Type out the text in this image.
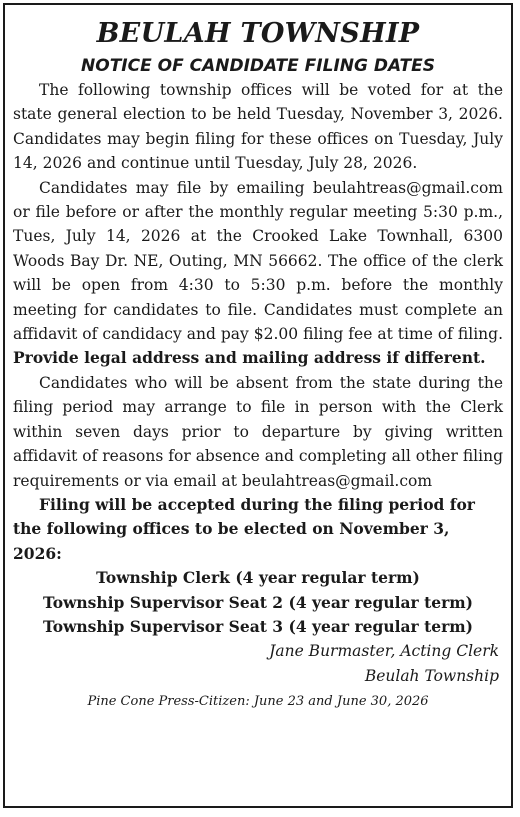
BEULAH TOWNSHIP
NOTICE OF CANDIDATE FILING DATES

The following township offices will be voted for at the state general election to be held Tuesday, November 3, 2026. Candidates may begin filing for these offices on Tuesday, July 14, 2026 and continue until Tuesday, July 28, 2026.

Candidates may file by emailing beulahtreas@gmail.com or file before or after the monthly regular meeting 5:30 p.m., Tues, July 14, 2026 at the Crooked Lake Townhall, 6300 Woods Bay Dr. NE, Outing, MN 56662. The office of the clerk will be open from 4:30 to 5:30 p.m. before the monthly meeting for candidates to file. Candidates must complete an affidavit of candidacy and pay $2.00 filing fee at time of filing. Provide legal address and mailing address if different.

Candidates who will be absent from the state during the filing period may arrange to file in person with the Clerk within seven days prior to departure by giving written affidavit of reasons for absence and completing all other filing requirements or via email at beulahtreas@gmail.com

Filing will be accepted during the filing period for the following offices to be elected on November 3, 2026:

Township Clerk (4 year regular term)

Township Supervisor Seat 2 (4 year regular term)

Township Supervisor Seat 3 (4 year regular term)

Jane Burmaster, Acting Clerk

Beulah Township

Pine Cone Press-Citizen: June 23 and June 30, 2026
